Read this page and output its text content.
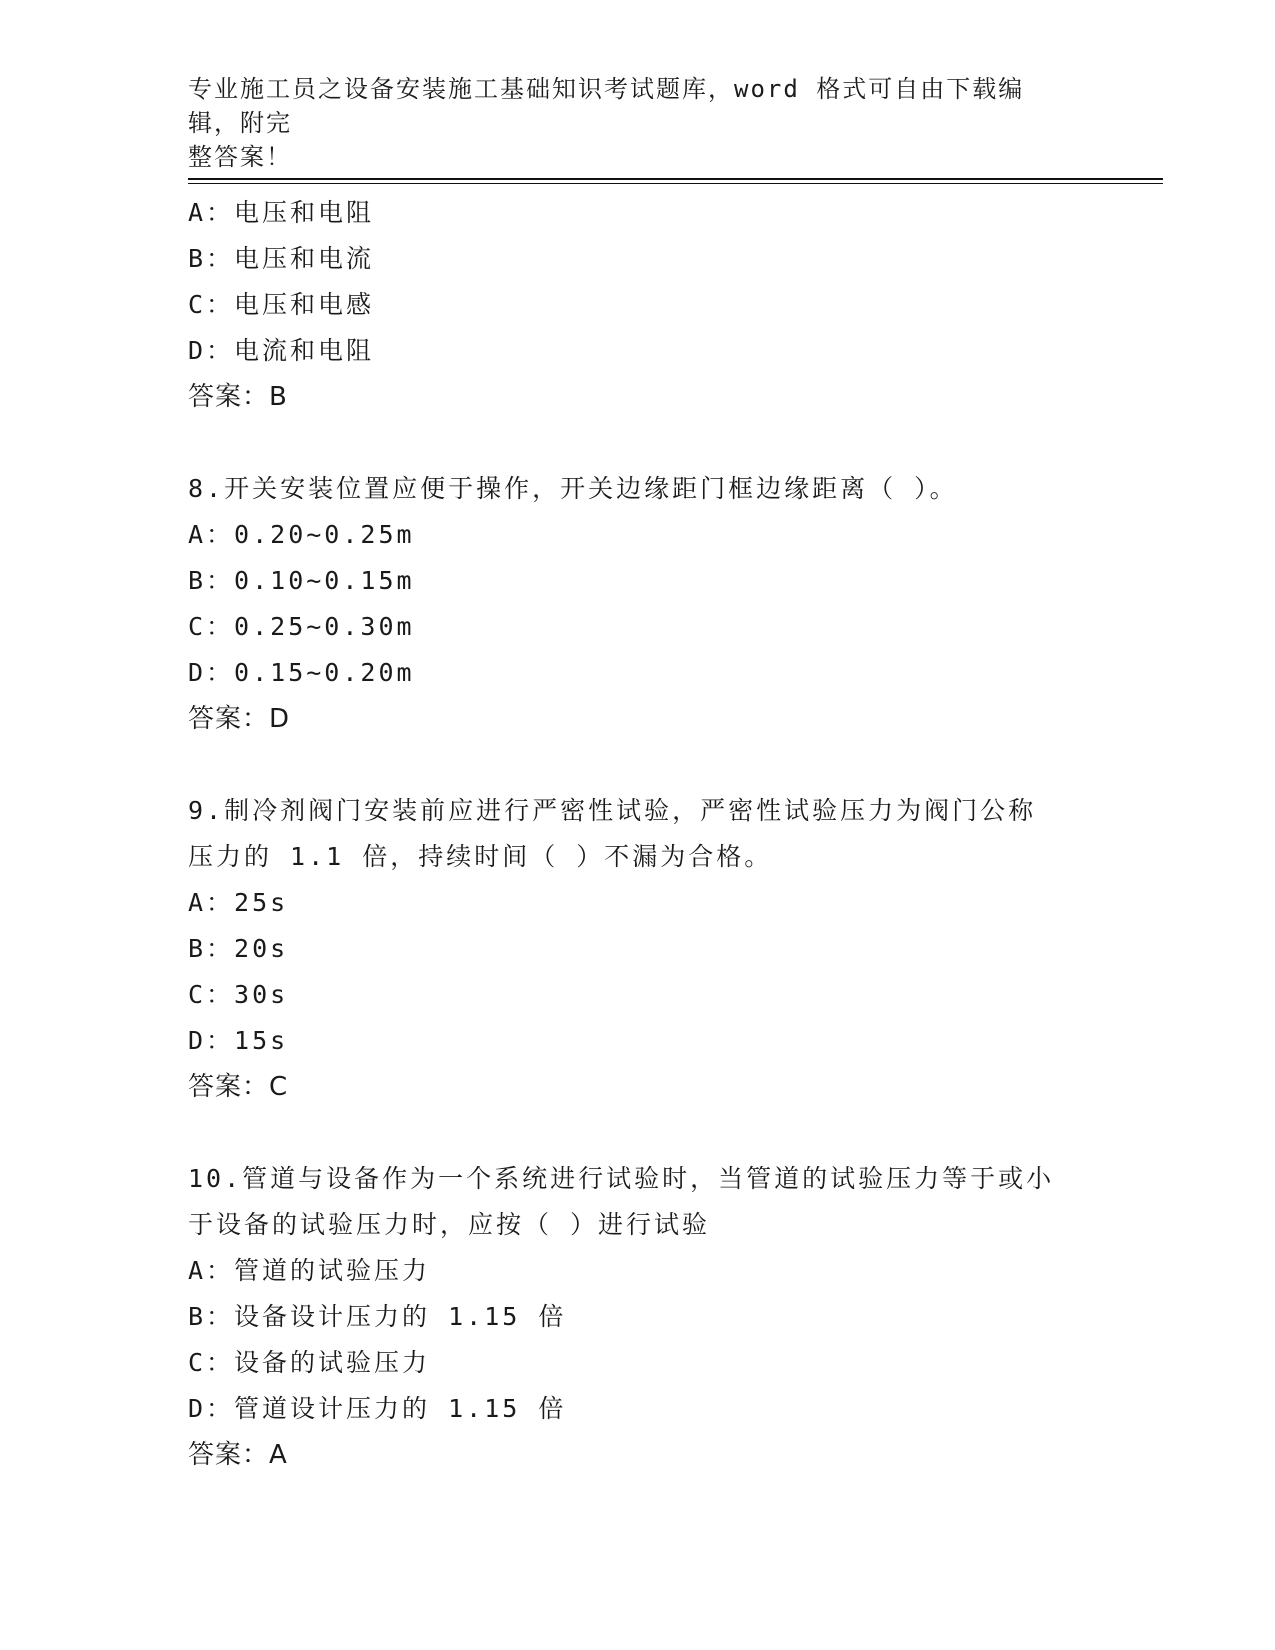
专业施工员之设备安装施工基础知识考试题库，word 格式可自由下载编辑，附完
整答案！
A：电压和电阻
B：电压和电流
C：电压和电感
D：电流和电阻
答案：B
8.开关安装位置应便于操作，开关边缘距门框边缘距离（ ）。
A：0.20~0.25m
B：0.10~0.15m
C：0.25~0.30m
D：0.15~0.20m
答案：D
9.制冷剂阀门安装前应进行严密性试验，严密性试验压力为阀门公称
压力的 1.1 倍，持续时间（ ）不漏为合格。
A：25s
B：20s
C：30s
D：15s
答案：C
10.管道与设备作为一个系统进行试验时，当管道的试验压力等于或小
于设备的试验压力时，应按（ ）进行试验
A：管道的试验压力
B：设备设计压力的 1.15 倍
C：设备的试验压力
D：管道设计压力的 1.15 倍
答案：A
